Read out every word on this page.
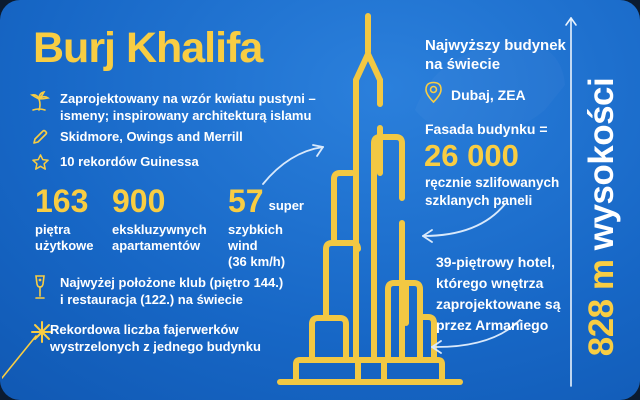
Burj Khalifa
Zaprojektowany na wzór kwiatu pustyni –
ismeny; inspirowany architekturą islamu
Skidmore, Owings and Merrill
10 rekordów Guinessa
163
piętra
użytkowe
900
ekskluzywnych
apartamentów
57 super
szybkich wind
(36 km/h)
Najwyżej położone klub (piętro 144.)
i restauracja (122.) na świecie
Rekordowa liczba fajerwerków
wystrzelonych z jednego budynku
Najwyższy budynek
na świecie
Dubaj, ZEA
Fasada budynku =
26 000
ręcznie szlifowanych
szklanych paneli
39-piętrowy hotel,
którego wnętrza
zaprojektowane są
przez Armaniego 828 m wysokości
